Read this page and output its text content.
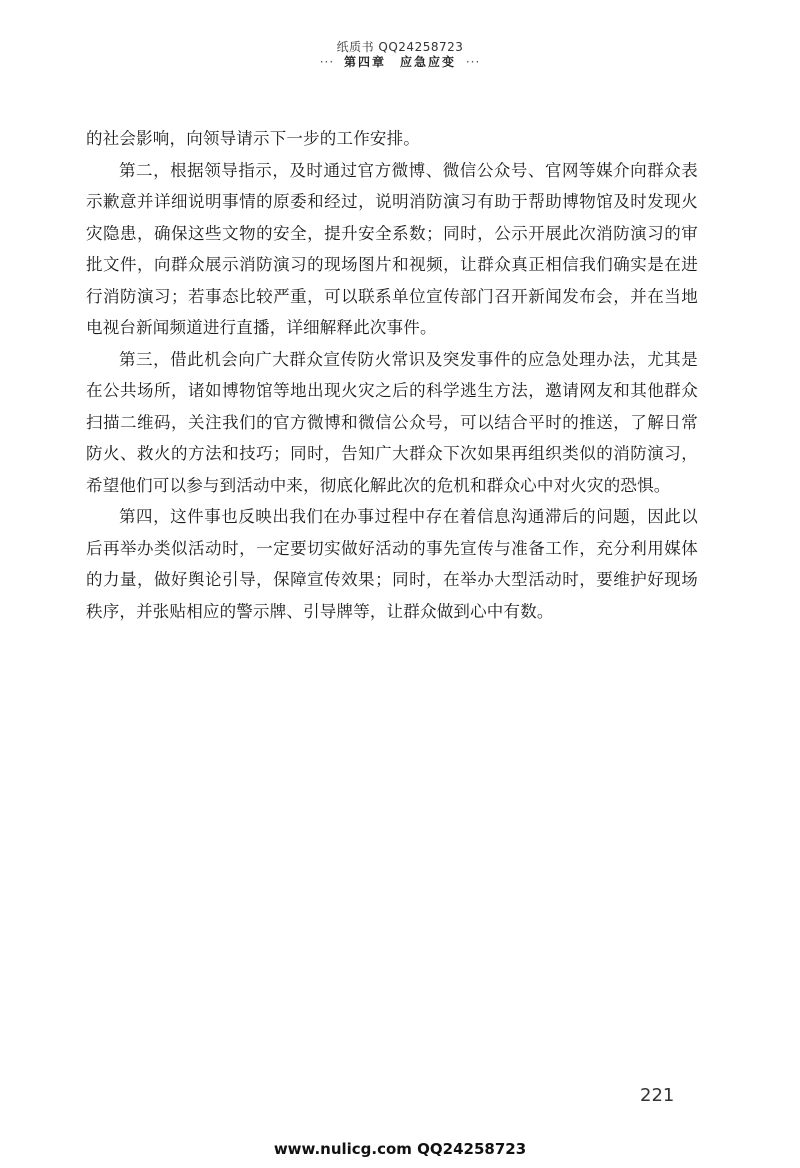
纸质书 QQ24258723
··· 第四章　应急应变 ···

的社会影响，向领导请示下一步的工作安排。

第二，根据领导指示，及时通过官方微博、微信公众号、官网等媒介向群众表示歉意并详细说明事情的原委和经过，说明消防演习有助于帮助博物馆及时发现火灾隐患，确保这些文物的安全，提升安全系数；同时，公示开展此次消防演习的审批文件，向群众展示消防演习的现场图片和视频，让群众真正相信我们确实是在进行消防演习；若事态比较严重，可以联系单位宣传部门召开新闻发布会，并在当地电视台新闻频道进行直播，详细解释此次事件。

第三，借此机会向广大群众宣传防火常识及突发事件的应急处理办法，尤其是在公共场所，诸如博物馆等地出现火灾之后的科学逃生方法，邀请网友和其他群众扫描二维码，关注我们的官方微博和微信公众号，可以结合平时的推送，了解日常防火、救火的方法和技巧；同时，告知广大群众下次如果再组织类似的消防演习，希望他们可以参与到活动中来，彻底化解此次的危机和群众心中对火灾的恐惧。

第四，这件事也反映出我们在办事过程中存在着信息沟通滞后的问题，因此以后再举办类似活动时，一定要切实做好活动的事先宣传与准备工作，充分利用媒体的力量，做好舆论引导，保障宣传效果；同时，在举办大型活动时，要维护好现场秩序，并张贴相应的警示牌、引导牌等，让群众做到心中有数。

221
www.nulicg.com QQ24258723
